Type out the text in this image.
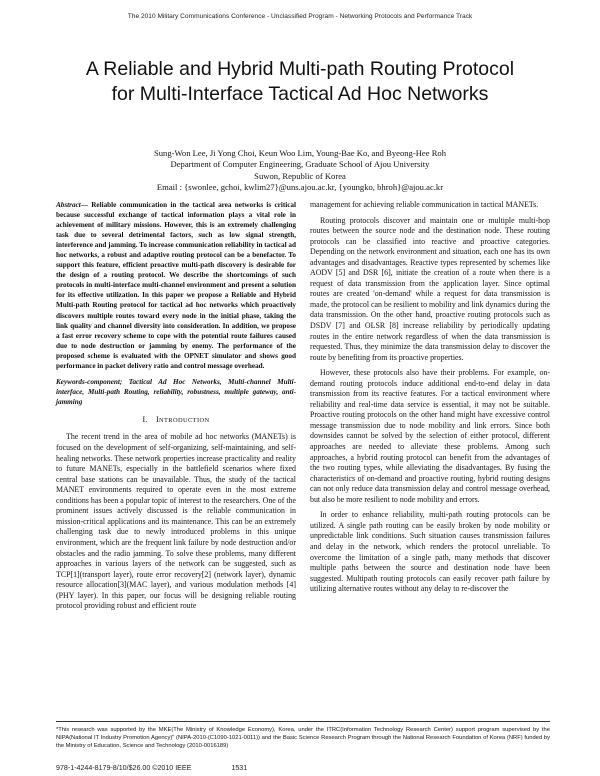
The 2010 Military Communications Conference - Unclassified Program - Networking Protocols and Performance Track
A Reliable and Hybrid Multi-path Routing Protocol
for Multi-Interface Tactical Ad Hoc Networks
Sung-Won Lee, Ji Yong Choi, Keun Woo Lim, Young-Bae Ko, and Byeong-Hee Roh
Department of Computer Engineering, Graduate School of Ajou University
Suwon, Republic of Korea
Email : {swonlee, gchoi, kwlim27}@uns.ajou.ac.kr, {youngko, bhroh}@ajou.ac.kr

Abstract— Reliable communication in the tactical area networks is critical because successful exchange of tactical information plays a vital role in achievement of military missions. However, this is an extremely challenging task due to several detrimental factors, such as low signal strength, interference and jamming. To increase communication reliability in tactical ad hoc networks, a robust and adaptive routing protocol can be a benefactor. To support this feature, efficient proactive multi-path discovery is desirable for the design of a routing protocol. We describe the shortcomings of such protocols in multi-interface multi-channel environment and present a solution for its effective utilization. In this paper we propose a Reliable and Hybrid Multi-path Routing protocol for tactical ad hoc networks which proactively discovers multiple routes toward every node in the initial phase, taking the link quality and channel diversity into consideration. In addition, we propose a fast error recovery scheme to cope with the potential route failures caused due to node destruction or jamming by enemy. The performance of the proposed scheme is evaluated with the OPNET simulator and shows good performance in packet delivery ratio and control message overhead.

Keywords-component; Tactical Ad Hoc Networks, Multi-channel Multi-interface, Multi-path Routing, reliability, robustness, multiple gateway, anti-jamming

I. INTRODUCTION

The recent trend in the area of mobile ad hoc networks (MANETs) is focused on the development of self-organizing, self-maintaining, and self-healing networks. These network properties increase practicality and reality to future MANETs, especially in the battlefield scenarios where fixed central base stations can be unavailable. Thus, the study of the tactical MANET environments required to operate even in the most extreme conditions has been a popular topic of interest to the researchers. One of the prominent issues actively discussed is the reliable communication in mission-critical applications and its maintenance. This can be an extremely challenging task due to newly introduced problems in this unique environment, which are the frequent link failure by node destruction and/or obstacles and the radio jamming. To solve these problems, many different approaches in various layers of the network can be suggested, such as TCP[1](transport layer), route error recovery[2] (network layer), dynamic resource allocation[3](MAC layer), and various modulation methods [4](PHY layer). In this paper, our focus will be designing reliable routing protocol providing robust and efficient route

management for achieving reliable communication in tactical MANETs.

Routing protocols discover and maintain one or multiple multi-hop routes between the source node and the destination node. These routing protocols can be classified into reactive and proactive categories. Depending on the network environment and situation, each one has its own advantages and disadvantages. Reactive types represented by schemes like AODV [5] and DSR [6], initiate the creation of a route when there is a request of data transmission from the application layer. Since optimal routes are created 'on-demand' while a request for data transmission is made, the protocol can be resilient to mobility and link dynamics during the data transmission. On the other hand, proactive routing protocols such as DSDV [7] and OLSR [8] increase reliability by periodically updating routes in the entire network regardless of when the data transmission is requested. Thus, they minimize the data transmission delay to discover the route by benefiting from its proactive properties.

However, these protocols also have their problems. For example, on-demand routing protocols induce additional end-to-end delay in data transmission from its reactive features. For a tactical environment where reliability and real-time data service is essential, it may not be suitable. Proactive routing protocols on the other hand might have excessive control message transmission due to node mobility and link errors. Since both downsides cannot be solved by the selection of either protocol, different approaches are needed to alleviate these problems. Among such approaches, a hybrid routing protocol can benefit from the advantages of the two routing types, while alleviating the disadvantages. By fusing the characteristics of on-demand and proactive routing, hybrid routing designs can not only reduce data transmission delay and control message overhead, but also be more resilient to node mobility and errors.

In order to enhance reliability, multi-path routing protocols can be utilized. A single path routing can be easily broken by node mobility or unpredictable link conditions. Such situation causes transmission failures and delay in the network, which renders the protocol unreliable. To overcome the limitation of a single path, many methods that discover multiple paths between the source and destination node have been suggested. Multipath routing protocols can easily recover path failure by utilizing alternative routes without any delay to re-discover the

*This research was supported by the MKE(The Ministry of Knowledge Economy), Korea, under the ITRC(Information Technology Research Center) support program supervised by the NIPA(National IT Industry Promotion Agency)" (NIPA-2010-(C1090-1021-0011)) and the Basic Science Research Program through the National Research Foundation of Korea (NRF) funded by the Ministry of Education, Science and Technology (2010-0016189)
978-1-4244-8179-8/10/$26.00 ©2010 IEEE	1531
